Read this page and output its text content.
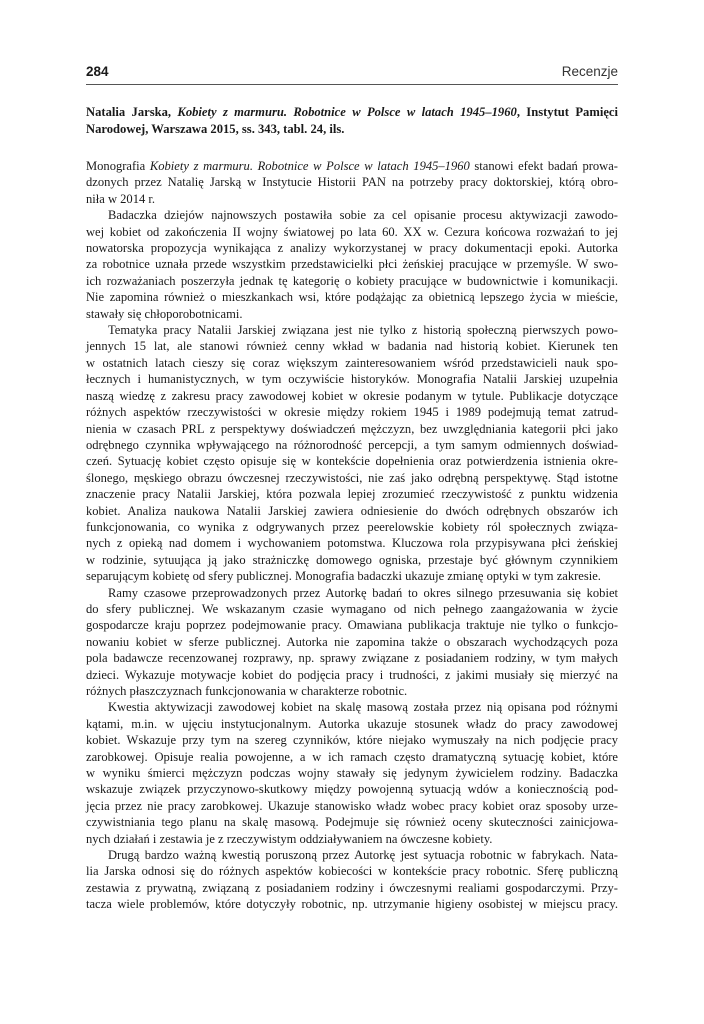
284	Recenzje
Natalia Jarska, Kobiety z marmuru. Robotnice w Polsce w latach 1945–1960, Instytut Pamięci
Narodowej, Warszawa 2015, ss. 343, tabl. 24, ils.
Monografia Kobiety z marmuru. Robotnice w Polsce w latach 1945–1960 stanowi efekt badań prowa-
dzonych przez Natalię Jarską w Instytucie Historii PAN na potrzeby pracy doktorskiej, którą obro-
niła w 2014 r.
Badaczka dziejów najnowszych postawiła sobie za cel opisanie procesu aktywizacji zawodo-
wej kobiet od zakończenia II wojny światowej po lata 60. XX w. Cezura końcowa rozważań to jej
nowatorska propozycja wynikająca z analizy wykorzystanej w pracy dokumentacji epoki. Autorka
za robotnice uznała przede wszystkim przedstawicielki płci żeńskiej pracujące w przemyśle. W swo-
ich rozważaniach poszerzyła jednak tę kategorię o kobiety pracujące w budownictwie i komunikacji.
Nie zapomina również o mieszkankach wsi, które podążając za obietnicą lepszego życia w mieście,
stawały się chłoporobotnicami.
Tematyka pracy Natalii Jarskiej związana jest nie tylko z historią społeczną pierwszych powo-
jennych 15 lat, ale stanowi również cenny wkład w badania nad historią kobiet. Kierunek ten
w ostatnich latach cieszy się coraz większym zainteresowaniem wśród przedstawicieli nauk spo-
łecznych i humanistycznych, w tym oczywiście historyków. Monografia Natalii Jarskiej uzupełnia
naszą wiedzę z zakresu pracy zawodowej kobiet w okresie podanym w tytule. Publikacje dotyczące
różnych aspektów rzeczywistości w okresie między rokiem 1945 i 1989 podejmują temat zatrud-
nienia w czasach PRL z perspektywy doświadczeń mężczyzn, bez uwzględniania kategorii płci jako
odrębnego czynnika wpływającego na różnorodność percepcji, a tym samym odmiennych doświad-
czeń. Sytuację kobiet często opisuje się w kontekście dopełnienia oraz potwierdzenia istnienia okre-
ślonego, męskiego obrazu ówczesnej rzeczywistości, nie zaś jako odrębną perspektywę. Stąd istotne
znaczenie pracy Natalii Jarskiej, która pozwala lepiej zrozumieć rzeczywistość z punktu widzenia
kobiet. Analiza naukowa Natalii Jarskiej zawiera odniesienie do dwóch odrębnych obszarów ich
funkcjonowania, co wynika z odgrywanych przez peerelowskie kobiety ról społecznych związa-
nych z opieką nad domem i wychowaniem potomstwa. Kluczowa rola przypisywana płci żeńskiej
w rodzinie, sytuująca ją jako strażniczkę domowego ogniska, przestaje być głównym czynnikiem
separującym kobietę od sfery publicznej. Monografia badaczki ukazuje zmianę optyki w tym zakresie.
Ramy czasowe przeprowadzonych przez Autorkę badań to okres silnego przesuwania się kobiet
do sfery publicznej. We wskazanym czasie wymagano od nich pełnego zaangażowania w życie
gospodarcze kraju poprzez podejmowanie pracy. Omawiana publikacja traktuje nie tylko o funkcjo-
nowaniu kobiet w sferze publicznej. Autorka nie zapomina także o obszarach wychodzących poza
pola badawcze recenzowanej rozprawy, np. sprawy związane z posiadaniem rodziny, w tym małych
dzieci. Wykazuje motywacje kobiet do podjęcia pracy i trudności, z jakimi musiały się mierzyć na
różnych płaszczyznach funkcjonowania w charakterze robotnic.
Kwestia aktywizacji zawodowej kobiet na skalę masową została przez nią opisana pod różnymi
kątami, m.in. w ujęciu instytucjonalnym. Autorka ukazuje stosunek władz do pracy zawodowej
kobiet. Wskazuje przy tym na szereg czynników, które niejako wymuszały na nich podjęcie pracy
zarobkowej. Opisuje realia powojenne, a w ich ramach często dramatyczną sytuację kobiet, które
w wyniku śmierci mężczyzn podczas wojny stawały się jedynym żywicielem rodziny. Badaczka
wskazuje związek przyczynowo-skutkowy między powojenną sytuacją wdów a koniecznością pod-
jęcia przez nie pracy zarobkowej. Ukazuje stanowisko władz wobec pracy kobiet oraz sposoby urze-
czywistniania tego planu na skalę masową. Podejmuje się również oceny skuteczności zainicjowa-
nych działań i zestawia je z rzeczywistym oddziaływaniem na ówczesne kobiety.
Drugą bardzo ważną kwestią poruszoną przez Autorkę jest sytuacja robotnic w fabrykach. Nata-
lia Jarska odnosi się do różnych aspektów kobiecości w kontekście pracy robotnic. Sferę publiczną
zestawia z prywatną, związaną z posiadaniem rodziny i ówczesnymi realiami gospodarczymi. Przy-
tacza wiele problemów, które dotyczyły robotnic, np. utrzymanie higieny osobistej w miejscu pracy.
